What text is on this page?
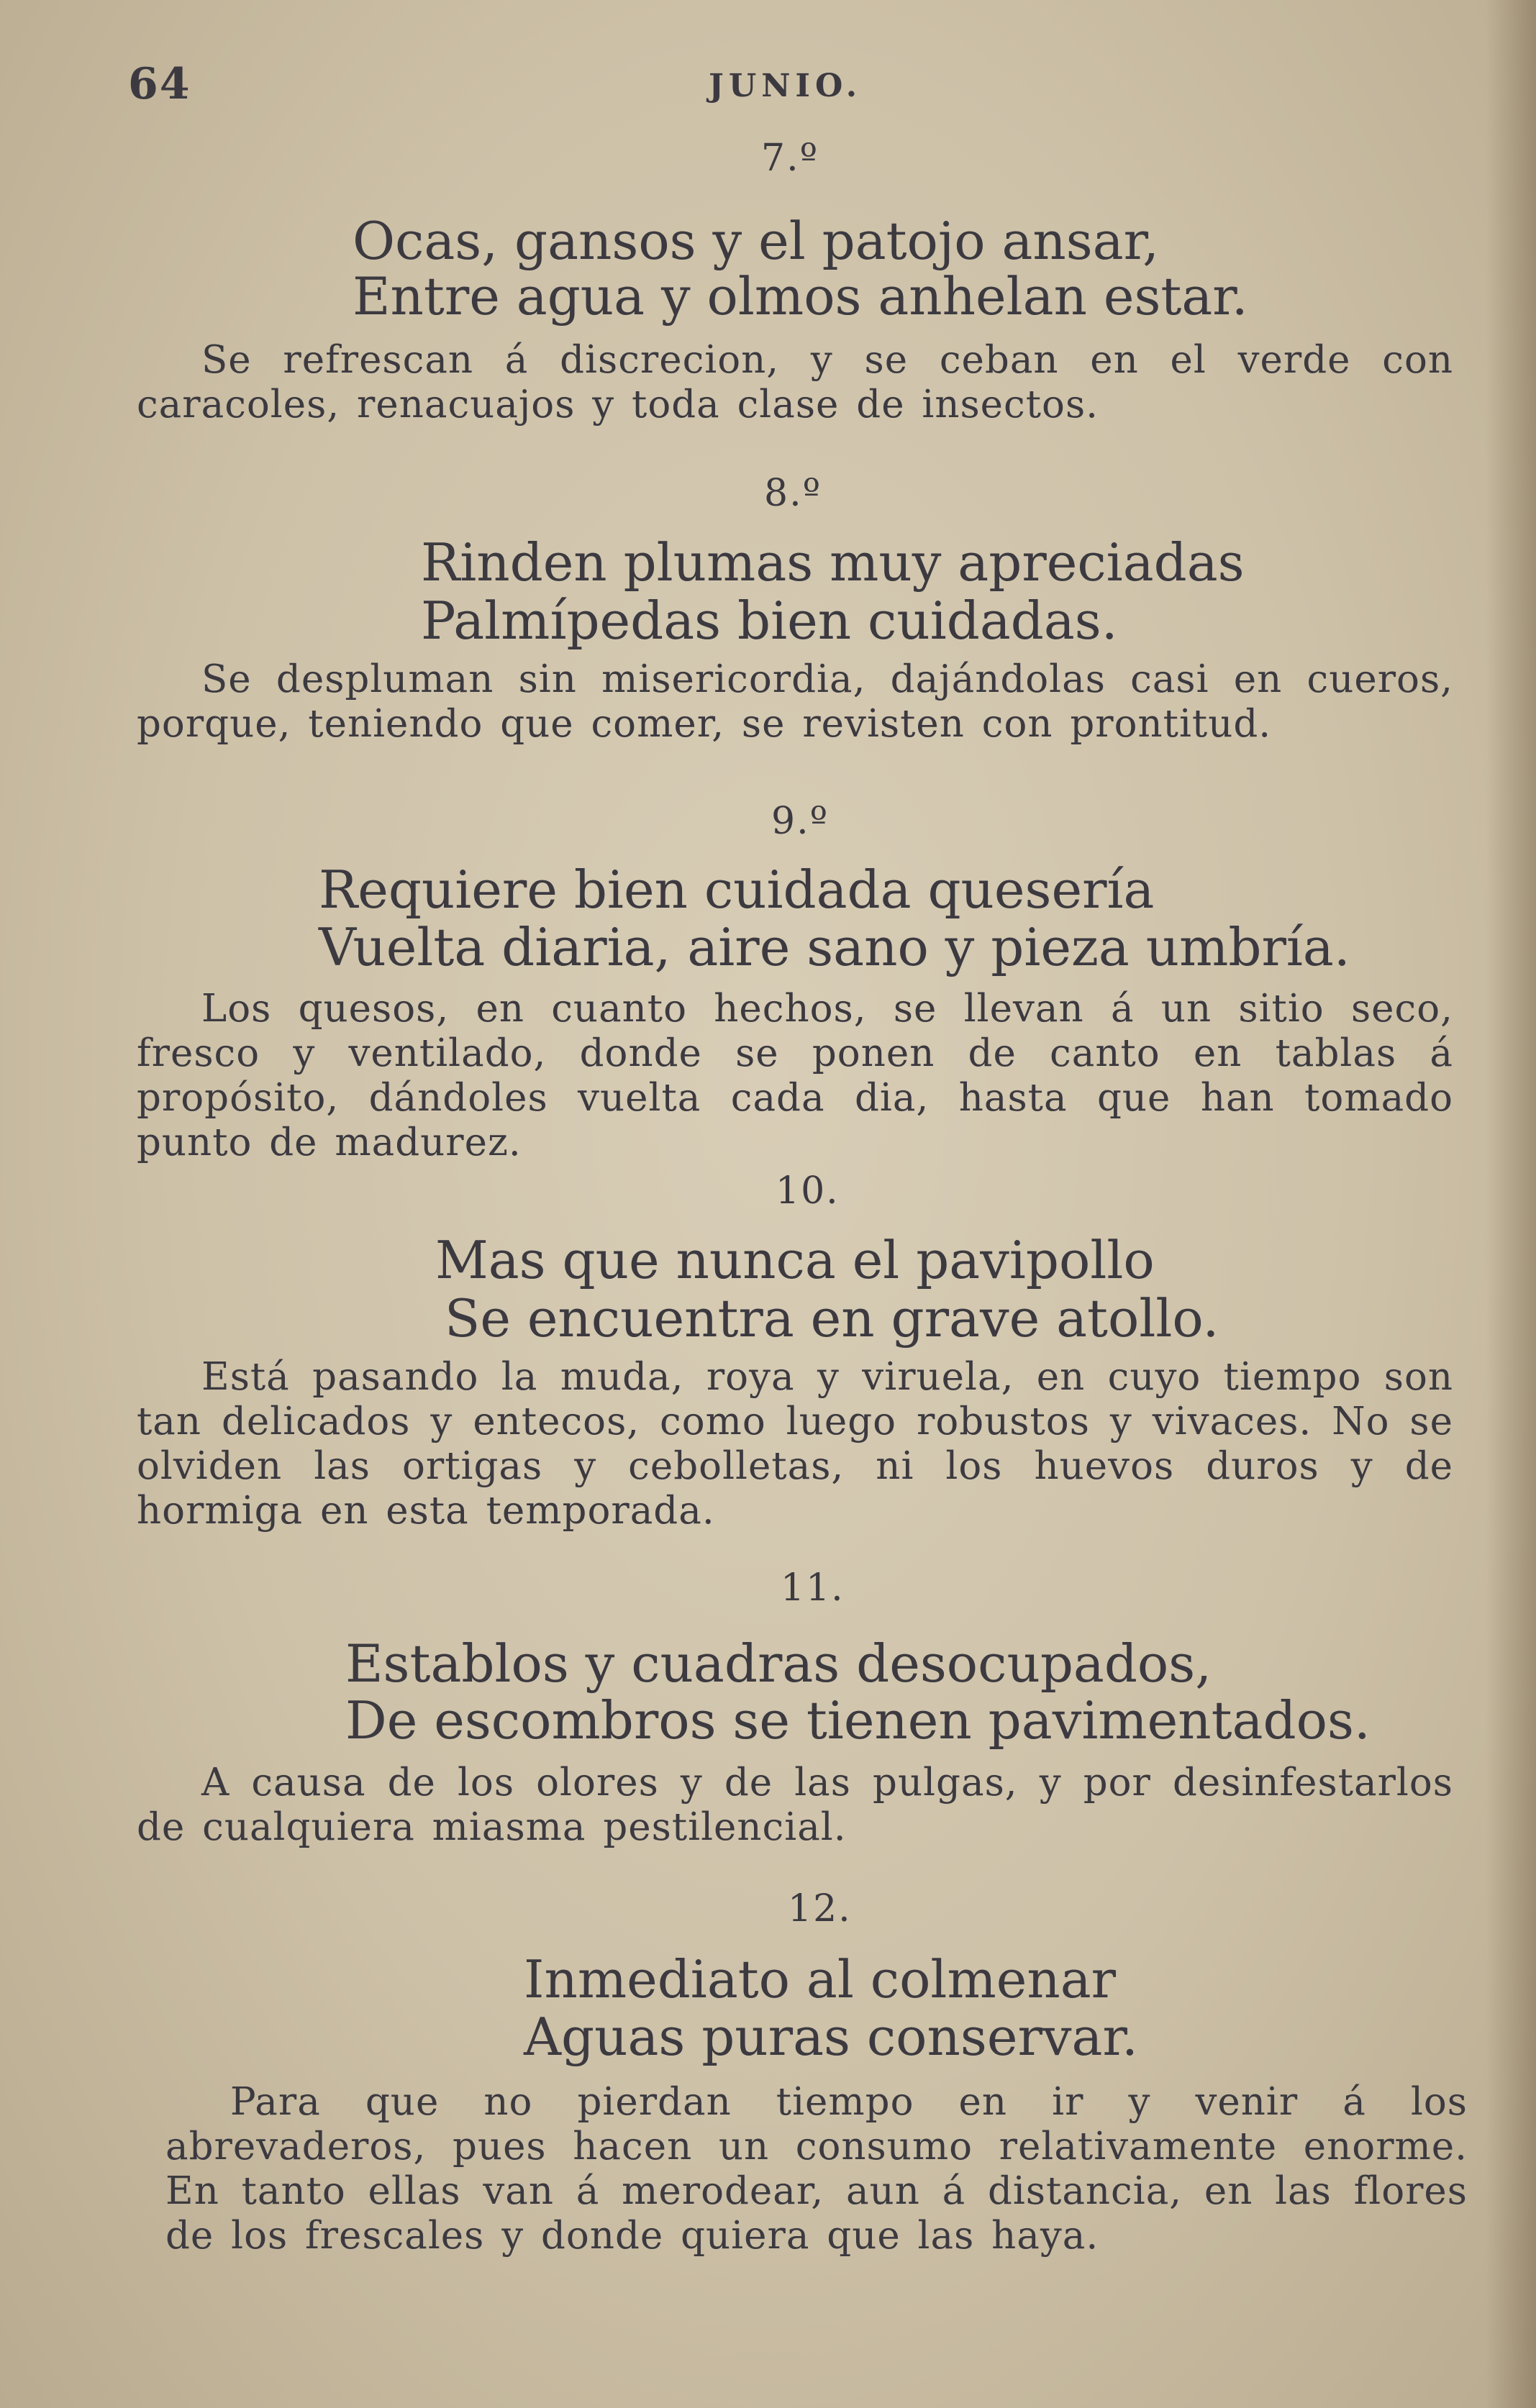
64	JUNIO.
7.º
Ocas, gansos y el patojo ansar,
Entre agua y olmos anhelan estar.
Se refrescan á discrecion, y se ceban en el verde con caracoles, renacuajos y toda clase de insectos.
8.º
Rinden plumas muy apreciadas
Palmípedas bien cuidadas.
Se despluman sin misericordia, dajándolas casi en cueros, porque, teniendo que comer, se revisten con prontitud.
9.º
Requiere bien cuidada quesería
Vuelta diaria, aire sano y pieza umbría.
Los quesos, en cuanto hechos, se llevan á un sitio seco, fresco y ventilado, donde se ponen de canto en tablas á propósito, dándoles vuelta cada dia, hasta que han tomado punto de madurez.
10.
Mas que nunca el pavipollo
Se encuentra en grave atollo.
Está pasando la muda, roya y viruela, en cuyo tiempo son tan delicados y entecos, como luego robustos y vivaces. No se olviden las ortigas y cebolletas, ni los huevos duros y de hormiga en esta temporada.
11.
Establos y cuadras desocupados,
De escombros se tienen pavimentados.
A causa de los olores y de las pulgas, y por desinfestarlos de cualquiera miasma pestilencial.
12.
Inmediato al colmenar
Aguas puras conservar.
Para que no pierdan tiempo en ir y venir á los abrevaderos, pues hacen un consumo relativamente enorme. En tanto ellas van á merodear, aun á distancia, en las flores de los frescales y donde quiera que las haya.
